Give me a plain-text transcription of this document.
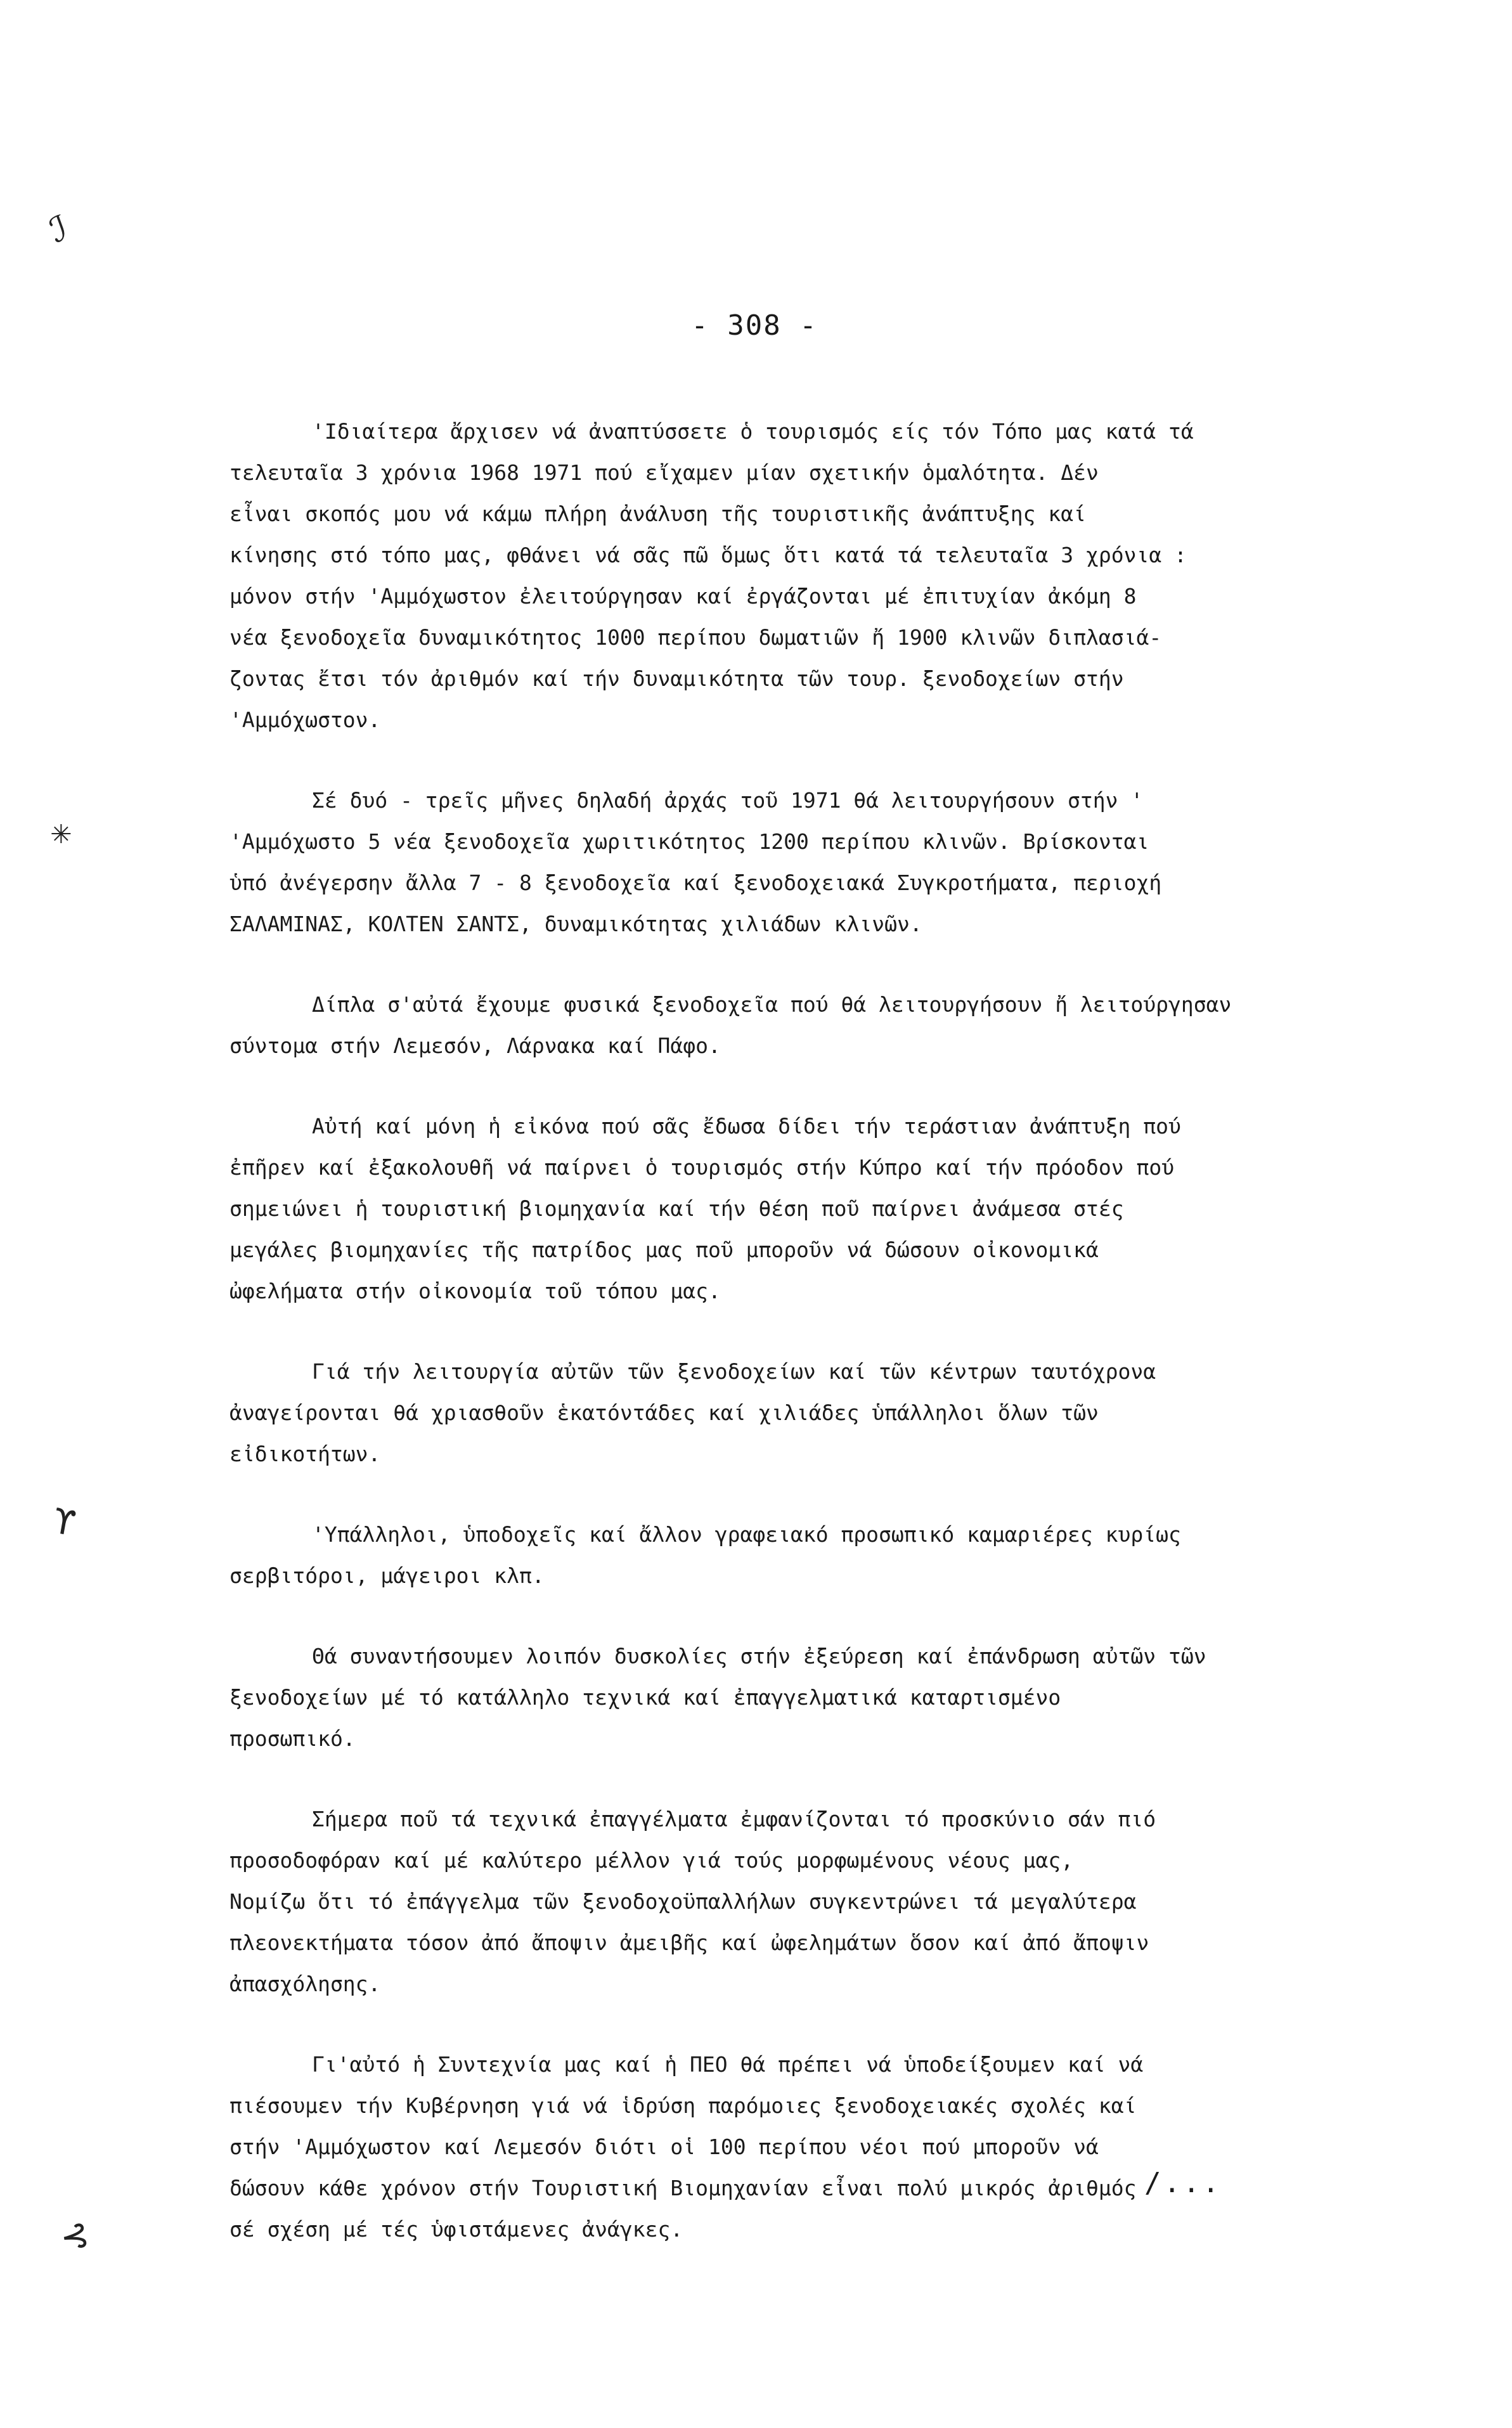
- 308 -
ℐ
✳
ϒ
⊰
'Ιδιαίτερα ἄρχισεν νά ἀναπτύσσετε ὁ τουρισμός είς τόν Τόπο μας κατά τά
τελευταῖα 3 χρόνια 1968 1971 πού εἴχαμεν μίαν σχετικήν ὁμαλότητα. Δέν
εἶναι σκοπός μου νά κάμω πλήρη ἀνάλυση τῆς τουριστικῆς ἀνάπτυξης καί
κίνησης στό τόπο μας, φθάνει νά σᾶς πῶ ὅμως ὅτι κατά τά τελευταῖα 3 χρόνια :
μόνον στήν 'Αμμόχωστον ἐλειτούργησαν καί ἐργάζονται μέ ἐπιτυχίαν ἀκόμη 8
νέα ξενοδοχεῖα δυναμικότητος 1000 περίπου δωματιῶν ἤ 1900 κλινῶν διπλασιά-
ζοντας ἔτσι τόν ἀριθμόν καί τήν δυναμικότητα τῶν τουρ. ξενοδοχείων στήν
'Αμμόχωστον.
Σέ δυό - τρεῖς μῆνες δηλαδή ἀρχάς τοῦ 1971 θά λειτουργήσουν στήν '
'Αμμόχωστο 5 νέα ξενοδοχεῖα χωριτικότητος 1200 περίπου κλινῶν. Βρίσκονται
ὑπό ἀνέγερσην ἄλλα 7 - 8 ξενοδοχεῖα καί ξενοδοχειακά Συγκροτήματα, περιοχή
ΣΑΛΑΜΙΝΑΣ, ΚΟΛΤΕΝ ΣΑΝΤΣ, δυναμικότητας χιλιάδων κλινῶν.
Δίπλα σ'αὐτά ἔχουμε φυσικά ξενοδοχεῖα πού θά λειτουργήσουν ἤ λειτούργησαν
σύντομα στήν Λεμεσόν, Λάρνακα καί Πάφο.
Αὐτή καί μόνη ἡ εἰκόνα πού σᾶς ἔδωσα δίδει τήν τεράστιαν ἀνάπτυξη πού
ἐπῆρεν καί ἐξακολουθῆ νά παίρνει ὁ τουρισμός στήν Κύπρο καί τήν πρόοδον πού
σημειώνει ἡ τουριστική βιομηχανία καί τήν θέση ποῦ παίρνει ἀνάμεσα στές
μεγάλες βιομηχανίες τῆς πατρίδος μας ποῦ μποροῦν νά δώσουν οἰκονομικά
ὠφελήματα στήν οἰκονομία τοῦ τόπου μας.
Γιά τήν λειτουργία αὐτῶν τῶν ξενοδοχείων καί τῶν κέντρων ταυτόχρονα
ἀναγείρονται θά χριασθοῦν ἑκατόντάδες καί χιλιάδες ὑπάλληλοι ὅλων τῶν
εἰδικοτήτων.
'Υπάλληλοι, ὑποδοχεῖς καί ἄλλον γραφειακό προσωπικό καμαριέρες κυρίως
σερβιτόροι, μάγειροι κλπ.
Θά συναντήσουμεν λοιπόν δυσκολίες στήν ἐξεύρεση καί ἐπάνδρωση αὐτῶν τῶν
ξενοδοχείων μέ τό κατάλληλο τεχνικά καί ἐπαγγελματικά καταρτισμένο
προσωπικό.
Σήμερα ποῦ τά τεχνικά ἐπαγγέλματα ἐμφανίζονται τό προσκύνιο σάν πιό
προσοδοφόραν καί μέ καλύτερο μέλλον γιά τούς μορφωμένους νέους μας,
Νομίζω ὅτι τό ἐπάγγελμα τῶν ξενοδοχοϋπαλλήλων συγκεντρώνει τά μεγαλύτερα
πλεονεκτήματα τόσον ἀπό ἄποψιν ἀμειβῆς καί ὠφελημάτων ὅσον καί ἀπό ἄποψιν
ἀπασχόλησης.
Γι'αὐτό ἡ Συντεχνία μας καί ἡ ΠΕΟ θά πρέπει νά ὑποδείξουμεν καί νά
πιέσουμεν τήν Κυβέρνηση γιά νά ἱδρύση παρόμοιες ξενοδοχειακές σχολές καί
στήν 'Αμμόχωστον καί Λεμεσόν διότι οἱ 100 περίπου νέοι πού μποροῦν νά
δώσουν κάθε χρόνον στήν Τουριστική Βιομηχανίαν εἶναι πολύ μικρός ἀριθμός
σέ σχέση μέ τές ὑφιστάμενες ἀνάγκες.
/...
